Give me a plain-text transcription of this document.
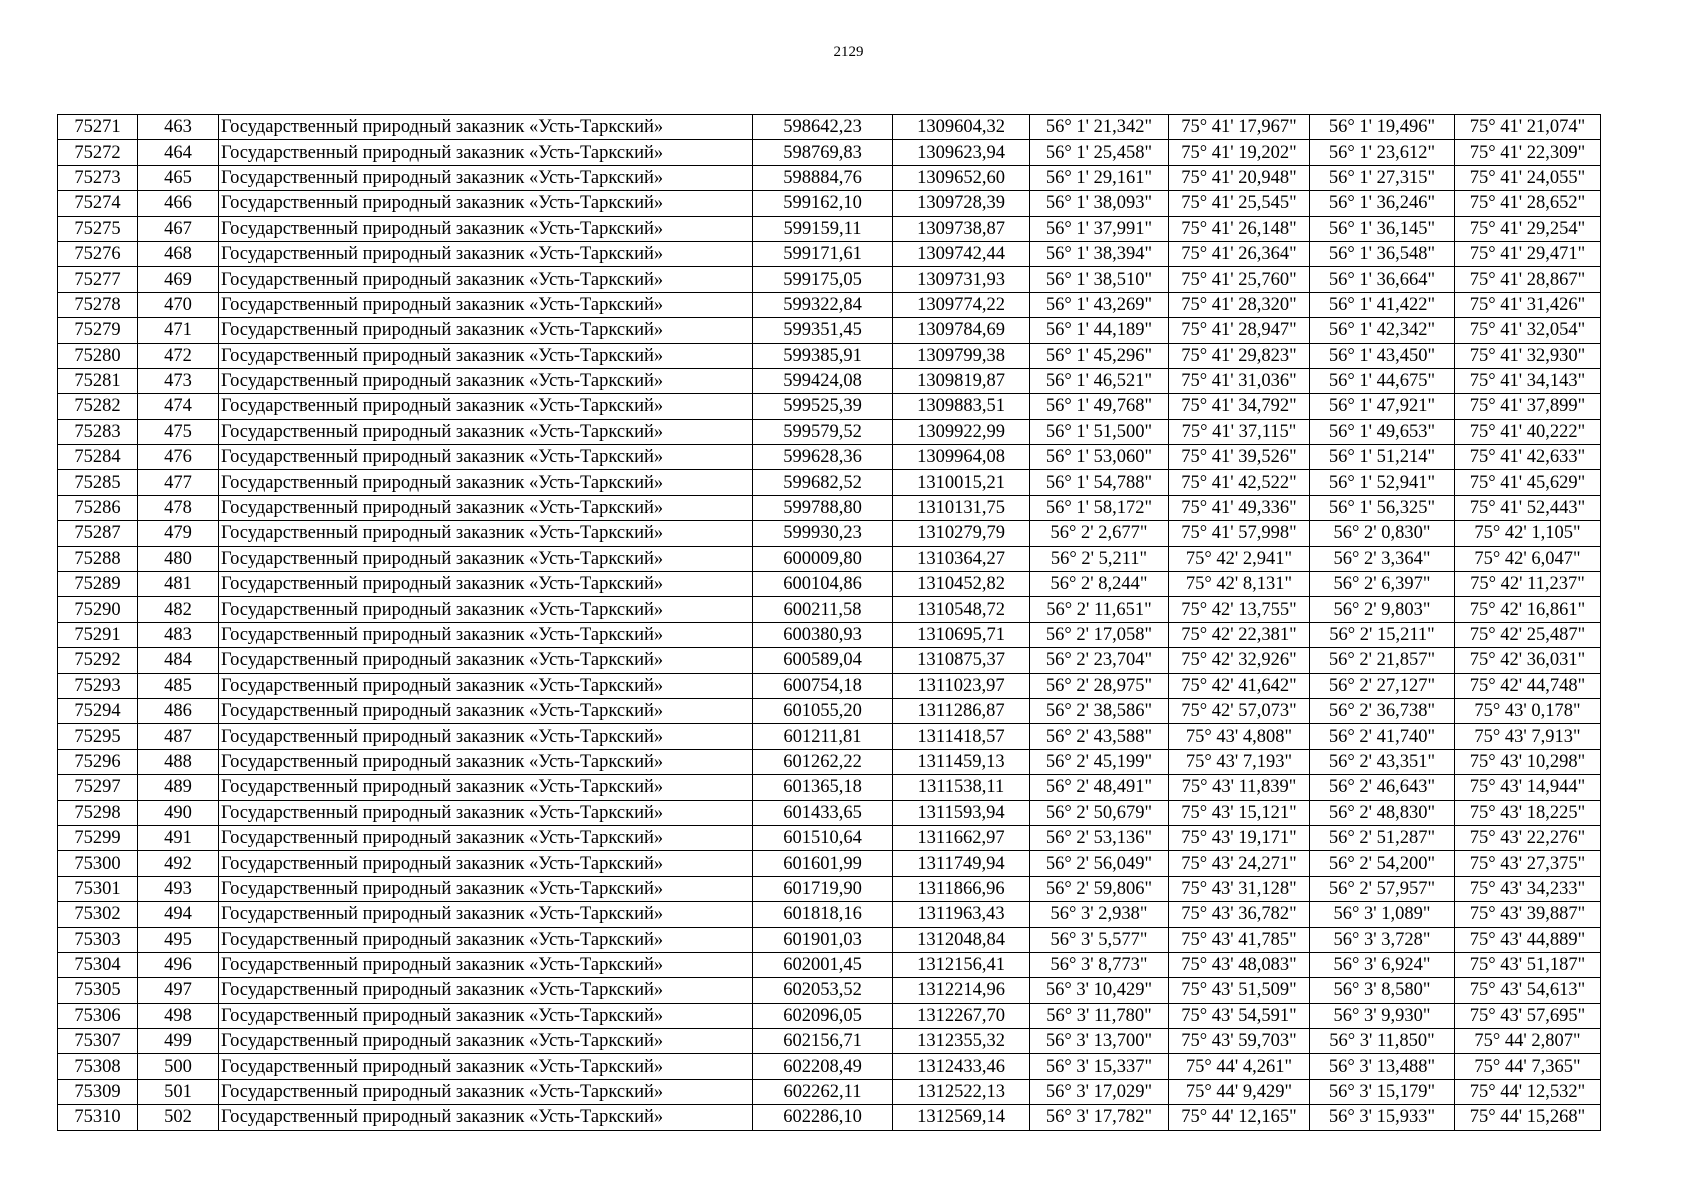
2129
75271	463	Государственный природный заказник «Усть-Таркский»	598642,23	1309604,32	56° 1' 21,342"	75° 41' 17,967"	56° 1' 19,496"	75° 41' 21,074"
75272	464	Государственный природный заказник «Усть-Таркский»	598769,83	1309623,94	56° 1' 25,458"	75° 41' 19,202"	56° 1' 23,612"	75° 41' 22,309"
75273	465	Государственный природный заказник «Усть-Таркский»	598884,76	1309652,60	56° 1' 29,161"	75° 41' 20,948"	56° 1' 27,315"	75° 41' 24,055"
75274	466	Государственный природный заказник «Усть-Таркский»	599162,10	1309728,39	56° 1' 38,093"	75° 41' 25,545"	56° 1' 36,246"	75° 41' 28,652"
75275	467	Государственный природный заказник «Усть-Таркский»	599159,11	1309738,87	56° 1' 37,991"	75° 41' 26,148"	56° 1' 36,145"	75° 41' 29,254"
75276	468	Государственный природный заказник «Усть-Таркский»	599171,61	1309742,44	56° 1' 38,394"	75° 41' 26,364"	56° 1' 36,548"	75° 41' 29,471"
75277	469	Государственный природный заказник «Усть-Таркский»	599175,05	1309731,93	56° 1' 38,510"	75° 41' 25,760"	56° 1' 36,664"	75° 41' 28,867"
75278	470	Государственный природный заказник «Усть-Таркский»	599322,84	1309774,22	56° 1' 43,269"	75° 41' 28,320"	56° 1' 41,422"	75° 41' 31,426"
75279	471	Государственный природный заказник «Усть-Таркский»	599351,45	1309784,69	56° 1' 44,189"	75° 41' 28,947"	56° 1' 42,342"	75° 41' 32,054"
75280	472	Государственный природный заказник «Усть-Таркский»	599385,91	1309799,38	56° 1' 45,296"	75° 41' 29,823"	56° 1' 43,450"	75° 41' 32,930"
75281	473	Государственный природный заказник «Усть-Таркский»	599424,08	1309819,87	56° 1' 46,521"	75° 41' 31,036"	56° 1' 44,675"	75° 41' 34,143"
75282	474	Государственный природный заказник «Усть-Таркский»	599525,39	1309883,51	56° 1' 49,768"	75° 41' 34,792"	56° 1' 47,921"	75° 41' 37,899"
75283	475	Государственный природный заказник «Усть-Таркский»	599579,52	1309922,99	56° 1' 51,500"	75° 41' 37,115"	56° 1' 49,653"	75° 41' 40,222"
75284	476	Государственный природный заказник «Усть-Таркский»	599628,36	1309964,08	56° 1' 53,060"	75° 41' 39,526"	56° 1' 51,214"	75° 41' 42,633"
75285	477	Государственный природный заказник «Усть-Таркский»	599682,52	1310015,21	56° 1' 54,788"	75° 41' 42,522"	56° 1' 52,941"	75° 41' 45,629"
75286	478	Государственный природный заказник «Усть-Таркский»	599788,80	1310131,75	56° 1' 58,172"	75° 41' 49,336"	56° 1' 56,325"	75° 41' 52,443"
75287	479	Государственный природный заказник «Усть-Таркский»	599930,23	1310279,79	56° 2' 2,677"	75° 41' 57,998"	56° 2' 0,830"	75° 42' 1,105"
75288	480	Государственный природный заказник «Усть-Таркский»	600009,80	1310364,27	56° 2' 5,211"	75° 42' 2,941"	56° 2' 3,364"	75° 42' 6,047"
75289	481	Государственный природный заказник «Усть-Таркский»	600104,86	1310452,82	56° 2' 8,244"	75° 42' 8,131"	56° 2' 6,397"	75° 42' 11,237"
75290	482	Государственный природный заказник «Усть-Таркский»	600211,58	1310548,72	56° 2' 11,651"	75° 42' 13,755"	56° 2' 9,803"	75° 42' 16,861"
75291	483	Государственный природный заказник «Усть-Таркский»	600380,93	1310695,71	56° 2' 17,058"	75° 42' 22,381"	56° 2' 15,211"	75° 42' 25,487"
75292	484	Государственный природный заказник «Усть-Таркский»	600589,04	1310875,37	56° 2' 23,704"	75° 42' 32,926"	56° 2' 21,857"	75° 42' 36,031"
75293	485	Государственный природный заказник «Усть-Таркский»	600754,18	1311023,97	56° 2' 28,975"	75° 42' 41,642"	56° 2' 27,127"	75° 42' 44,748"
75294	486	Государственный природный заказник «Усть-Таркский»	601055,20	1311286,87	56° 2' 38,586"	75° 42' 57,073"	56° 2' 36,738"	75° 43' 0,178"
75295	487	Государственный природный заказник «Усть-Таркский»	601211,81	1311418,57	56° 2' 43,588"	75° 43' 4,808"	56° 2' 41,740"	75° 43' 7,913"
75296	488	Государственный природный заказник «Усть-Таркский»	601262,22	1311459,13	56° 2' 45,199"	75° 43' 7,193"	56° 2' 43,351"	75° 43' 10,298"
75297	489	Государственный природный заказник «Усть-Таркский»	601365,18	1311538,11	56° 2' 48,491"	75° 43' 11,839"	56° 2' 46,643"	75° 43' 14,944"
75298	490	Государственный природный заказник «Усть-Таркский»	601433,65	1311593,94	56° 2' 50,679"	75° 43' 15,121"	56° 2' 48,830"	75° 43' 18,225"
75299	491	Государственный природный заказник «Усть-Таркский»	601510,64	1311662,97	56° 2' 53,136"	75° 43' 19,171"	56° 2' 51,287"	75° 43' 22,276"
75300	492	Государственный природный заказник «Усть-Таркский»	601601,99	1311749,94	56° 2' 56,049"	75° 43' 24,271"	56° 2' 54,200"	75° 43' 27,375"
75301	493	Государственный природный заказник «Усть-Таркский»	601719,90	1311866,96	56° 2' 59,806"	75° 43' 31,128"	56° 2' 57,957"	75° 43' 34,233"
75302	494	Государственный природный заказник «Усть-Таркский»	601818,16	1311963,43	56° 3' 2,938"	75° 43' 36,782"	56° 3' 1,089"	75° 43' 39,887"
75303	495	Государственный природный заказник «Усть-Таркский»	601901,03	1312048,84	56° 3' 5,577"	75° 43' 41,785"	56° 3' 3,728"	75° 43' 44,889"
75304	496	Государственный природный заказник «Усть-Таркский»	602001,45	1312156,41	56° 3' 8,773"	75° 43' 48,083"	56° 3' 6,924"	75° 43' 51,187"
75305	497	Государственный природный заказник «Усть-Таркский»	602053,52	1312214,96	56° 3' 10,429"	75° 43' 51,509"	56° 3' 8,580"	75° 43' 54,613"
75306	498	Государственный природный заказник «Усть-Таркский»	602096,05	1312267,70	56° 3' 11,780"	75° 43' 54,591"	56° 3' 9,930"	75° 43' 57,695"
75307	499	Государственный природный заказник «Усть-Таркский»	602156,71	1312355,32	56° 3' 13,700"	75° 43' 59,703"	56° 3' 11,850"	75° 44' 2,807"
75308	500	Государственный природный заказник «Усть-Таркский»	602208,49	1312433,46	56° 3' 15,337"	75° 44' 4,261"	56° 3' 13,488"	75° 44' 7,365"
75309	501	Государственный природный заказник «Усть-Таркский»	602262,11	1312522,13	56° 3' 17,029"	75° 44' 9,429"	56° 3' 15,179"	75° 44' 12,532"
75310	502	Государственный природный заказник «Усть-Таркский»	602286,10	1312569,14	56° 3' 17,782"	75° 44' 12,165"	56° 3' 15,933"	75° 44' 15,268"
